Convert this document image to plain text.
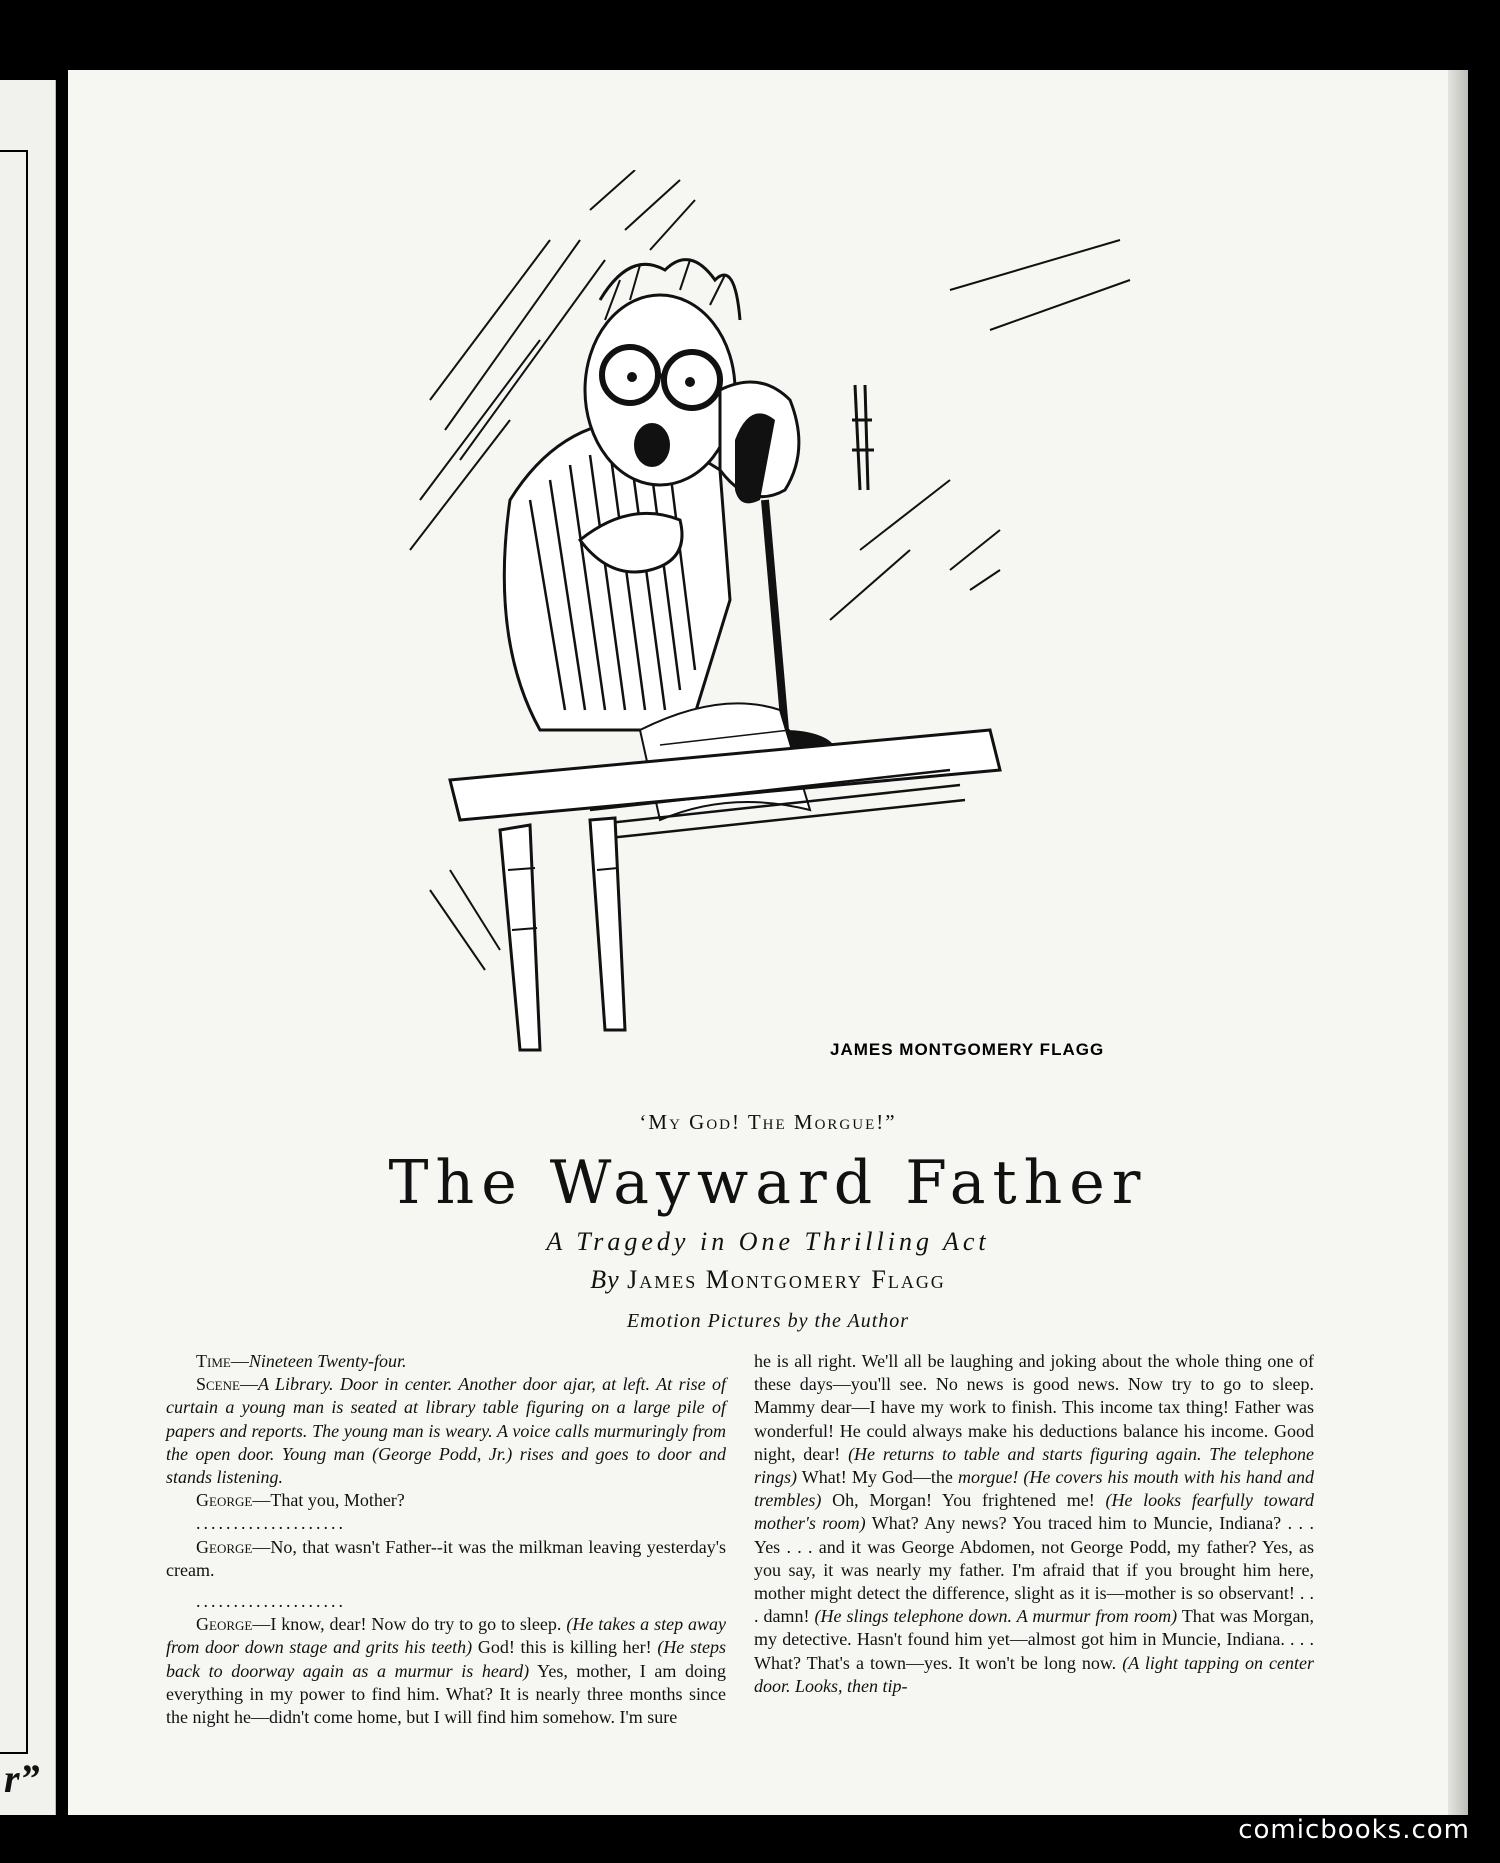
r”
JAMES MONTGOMERY FLAGG
‘My God! The Morgue!”
The Wayward Father
A Tragedy in One Thrilling Act
By James Montgomery Flagg
Emotion Pictures by the Author

Time—Nineteen Twenty-four.

Scene—A Library. Door in center. Another door ajar, at left. At rise of curtain a young man is seated at library table figuring on a large pile of papers and reports. The young man is weary. A voice calls murmuringly from the open door. Young man (George Podd, Jr.) rises and goes to door and stands listening.

George—That you, Mother?

....................

George—No, that wasn't Father--it was the milkman leaving yesterday's cream.

....................

George—I know, dear! Now do try to go to sleep. (He takes a step away from door down stage and grits his teeth) God! this is killing her! (He steps back to doorway again as a murmur is heard) Yes, mother, I am doing everything in my power to find him. What? It is nearly three months since the night he—didn't come home, but I will find him somehow. I'm sure

he is all right. We'll all be laughing and joking about the whole thing one of these days—you'll see. No news is good news. Now try to go to sleep. Mammy dear—I have my work to finish. This income tax thing! Father was wonderful! He could always make his deductions balance his income. Good night, dear! (He returns to table and starts figuring again. The telephone rings) What! My God—the morgue! (He covers his mouth with his hand and trembles) Oh, Morgan! You frightened me! (He looks fearfully toward mother's room) What? Any news? You traced him to Muncie, Indiana? . . . Yes . . . and it was George Abdomen, not George Podd, my father? Yes, as you say, it was nearly my father. I'm afraid that if you brought him here, mother might detect the difference, slight as it is—mother is so observant! . . . damn! (He slings telephone down. A murmur from room) That was Morgan, my detective. Hasn't found him yet—almost got him in Muncie, Indiana. . . . What? That's a town—yes. It won't be long now. (A light tapping on center door. Looks, then tip-

comicbooks.com
